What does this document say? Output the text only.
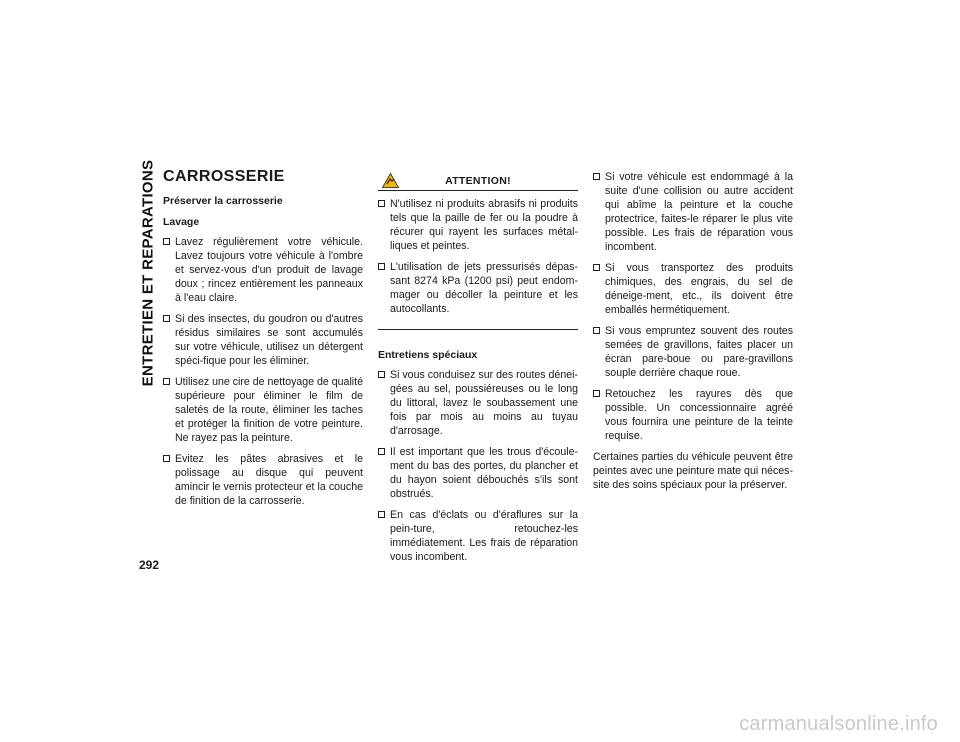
ENTRETIEN ET REPARATIONS
292
CARROSSERIE
Préserver la carrosserie
Lavage
Lavez régulièrement votre véhicule. Lavez toujours votre véhicule à l'ombre et servez-vous d'un produit de lavage doux ; rincez entièrement les panneaux à l'eau claire.
Si des insectes, du goudron ou d'autres résidus similaires se sont accumulés sur votre véhicule, utilisez un détergent spéci-fique pour les éliminer.
Utilisez une cire de nettoyage de qualité supérieure pour éliminer le film de saletés de la route, éliminer les taches et protéger la finition de votre peinture. Ne rayez pas la peinture.
Evitez les pâtes abrasives et le polissage au disque qui peuvent amincir le vernis protecteur et la couche de finition de la carrosserie.
ATTENTION!
N'utilisez ni produits abrasifs ni produits tels que la paille de fer ou la poudre à récurer qui rayent les surfaces métal-liques et peintes.
L'utilisation de jets pressurisés dépas-sant 8274 kPa (1200 psi) peut endom-mager ou décoller la peinture et les autocollants.
Entretiens spéciaux
Si vous conduisez sur des routes dénei-gées au sel, poussiéreuses ou le long du littoral, lavez le soubassement une fois par mois au moins au tuyau d'arrosage.
Il est important que les trous d'écoule-ment du bas des portes, du plancher et du hayon soient débouchés s'ils sont obstrués.
En cas d'éclats ou d'éraflures sur la pein-ture, retouchez-les immédiatement. Les frais de réparation vous incombent.
Si votre véhicule est endommagé à la suite d'une collision ou autre accident qui abîme la peinture et la couche protectrice, faites-le réparer le plus vite possible. Les frais de réparation vous incombent.
Si vous transportez des produits chimiques, des engrais, du sel de déneige-ment, etc., ils doivent être emballés hermétiquement.
Si vous empruntez souvent des routes semées de gravillons, faites placer un écran pare-boue ou pare-gravillons souple derrière chaque roue.
Retouchez les rayures dès que possible. Un concessionnaire agréé vous fournira une peinture de la teinte requise.

Certaines parties du véhicule peuvent être peintes avec une peinture mate qui néces-site des soins spéciaux pour la préserver.

carmanualsonline.info
